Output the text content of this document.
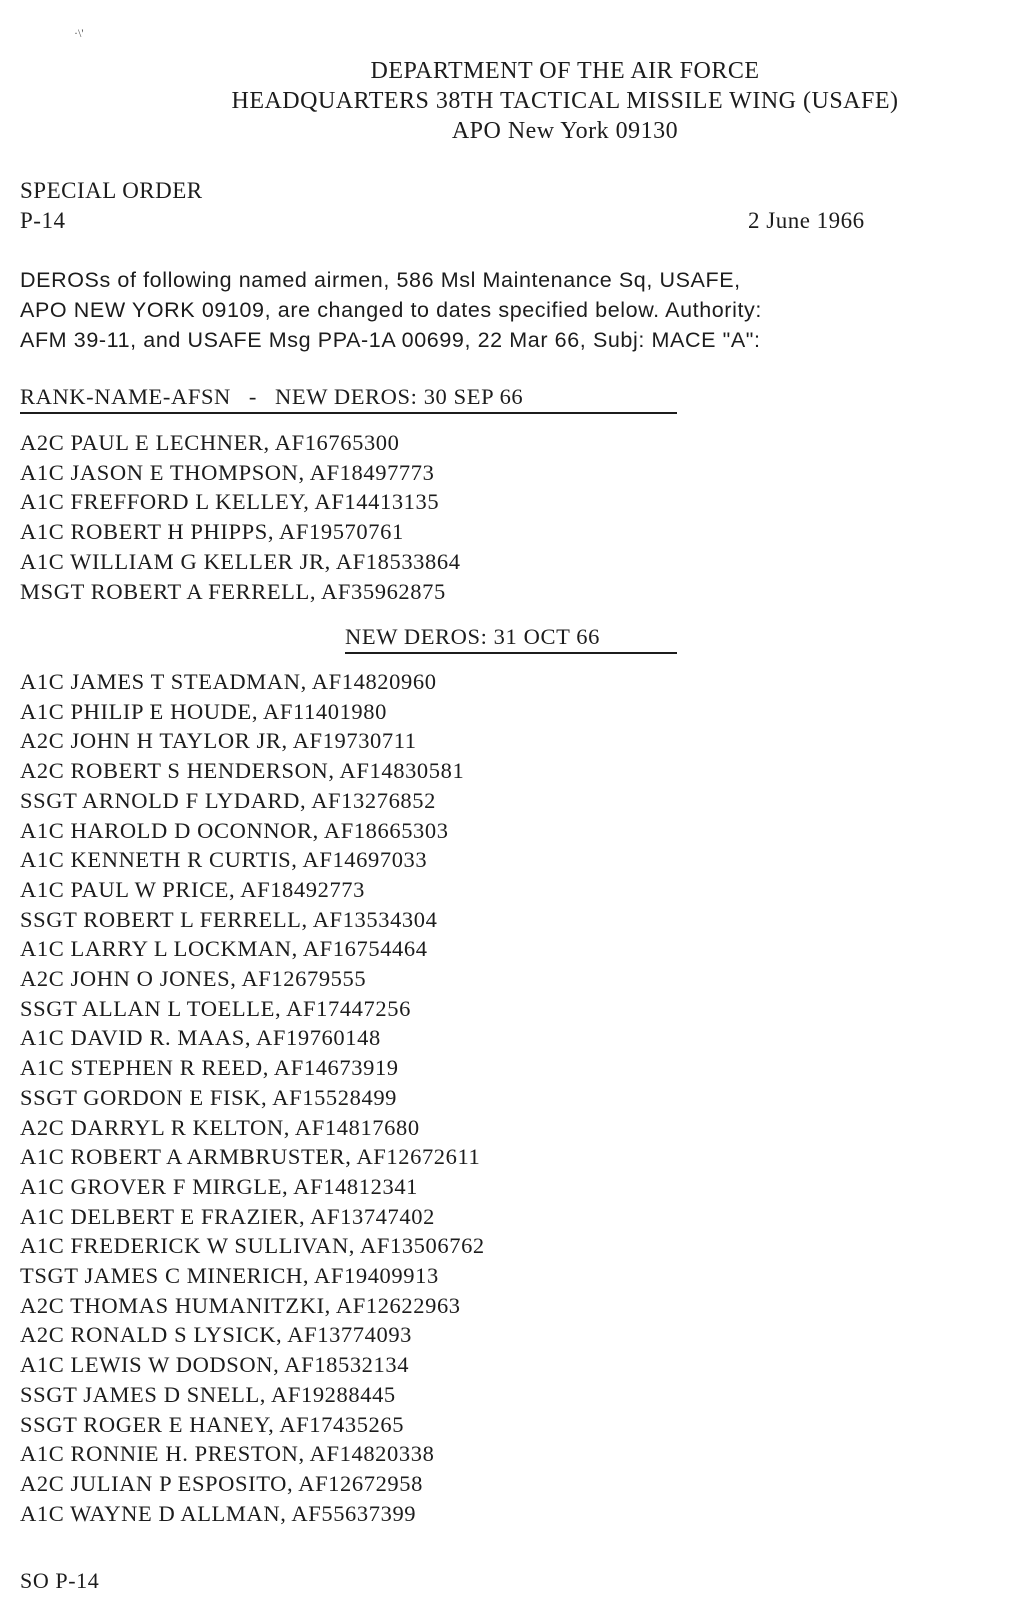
·\'
DEPARTMENT OF THE AIR FORCE
HEADQUARTERS 38TH TACTICAL MISSILE WING (USAFE)
APO New York 09130
SPECIAL ORDER
P-14	2 June 1966
DEROSs of following named airmen, 586 Msl Maintenance Sq, USAFE,
APO NEW YORK 09109, are changed to dates specified below. Authority:
AFM 39-11, and USAFE Msg PPA-1A 00699, 22 Mar 66, Subj: MACE "A":
RANK-NAME-AFSN - NEW DEROS: 30 SEP 66
A2C PAUL E LECHNER, AF16765300
A1C JASON E THOMPSON, AF18497773
A1C FREFFORD L KELLEY, AF14413135
A1C ROBERT H PHIPPS, AF19570761
A1C WILLIAM G KELLER JR, AF18533864
MSGT ROBERT A FERRELL, AF35962875
NEW DEROS: 31 OCT 66
A1C JAMES T STEADMAN, AF14820960
A1C PHILIP E HOUDE, AF11401980
A2C JOHN H TAYLOR JR, AF19730711
A2C ROBERT S HENDERSON, AF14830581
SSGT ARNOLD F LYDARD, AF13276852
A1C HAROLD D OCONNOR, AF18665303
A1C KENNETH R CURTIS, AF14697033
A1C PAUL W PRICE, AF18492773
SSGT ROBERT L FERRELL, AF13534304
A1C LARRY L LOCKMAN, AF16754464
A2C JOHN O JONES, AF12679555
SSGT ALLAN L TOELLE, AF17447256
A1C DAVID R. MAAS, AF19760148
A1C STEPHEN R REED, AF14673919
SSGT GORDON E FISK, AF15528499
A2C DARRYL R KELTON, AF14817680
A1C ROBERT A ARMBRUSTER, AF12672611
A1C GROVER F MIRGLE, AF14812341
A1C DELBERT E FRAZIER, AF13747402
A1C FREDERICK W SULLIVAN, AF13506762
TSGT JAMES C MINERICH, AF19409913
A2C THOMAS HUMANITZKI, AF12622963
A2C RONALD S LYSICK, AF13774093
A1C LEWIS W DODSON, AF18532134
SSGT JAMES D SNELL, AF19288445
SSGT ROGER E HANEY, AF17435265
A1C RONNIE H. PRESTON, AF14820338
A2C JULIAN P ESPOSITO, AF12672958
A1C WAYNE D ALLMAN, AF55637399
SO P-14
